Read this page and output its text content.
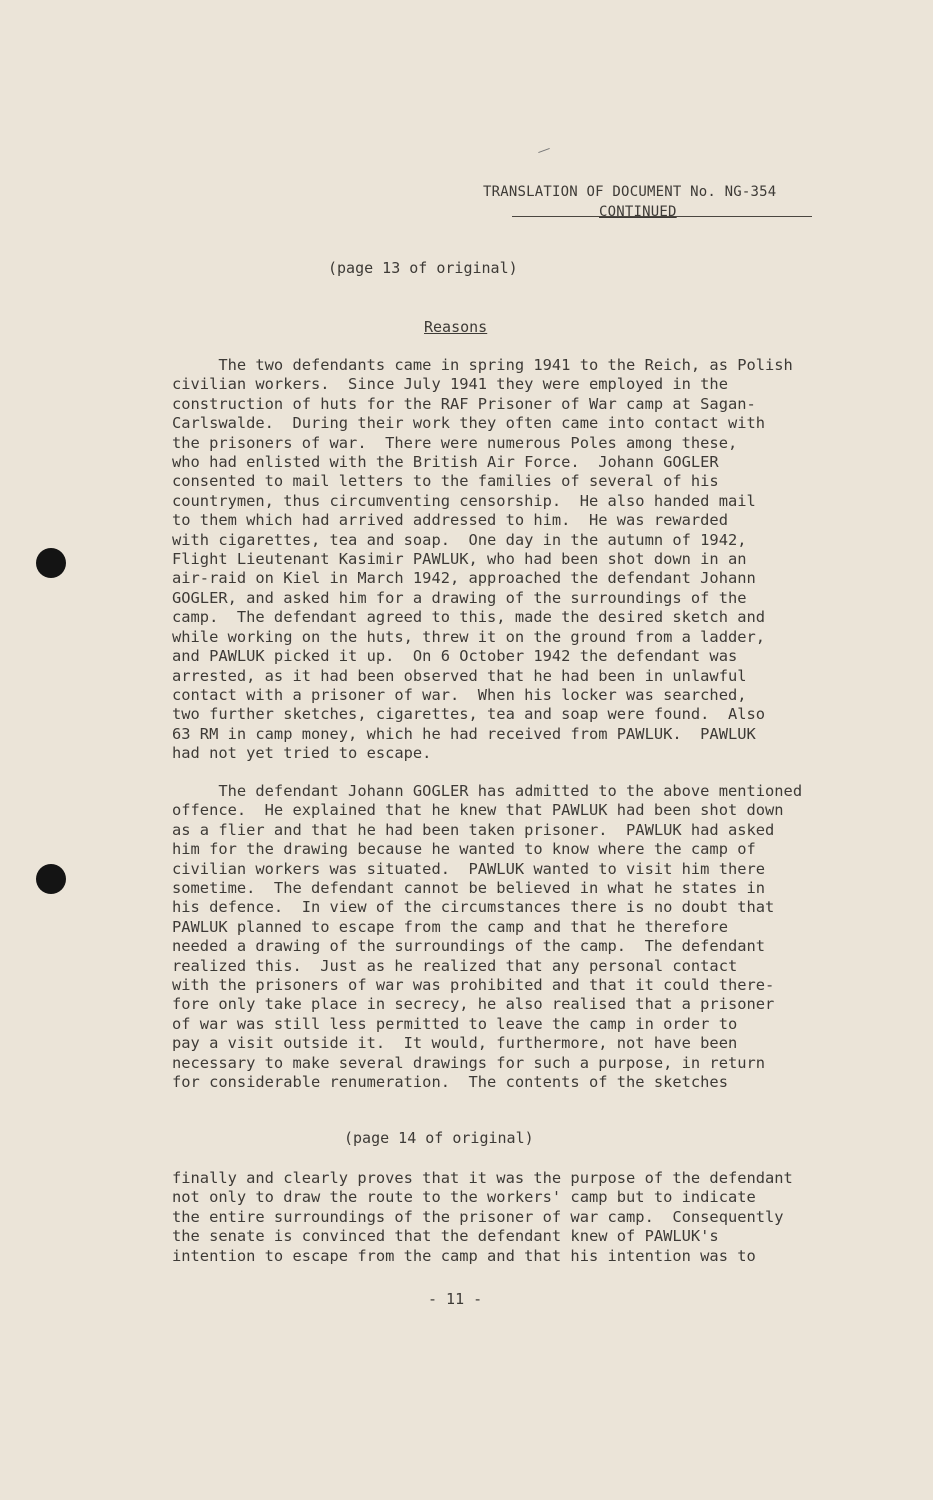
TRANSLATION OF DOCUMENT No. NG-354
CONTINUED
(page 13 of original)
Reasons
The two defendants came in spring 1941 to the Reich, as Polish
civilian workers.  Since July 1941 they were employed in the
construction of huts for the RAF Prisoner of War camp at Sagan-
Carlswalde.  During their work they often came into contact with
the prisoners of war.  There were numerous Poles among these,
who had enlisted with the British Air Force.  Johann GOGLER
consented to mail letters to the families of several of his
countrymen, thus circumventing censorship.  He also handed mail
to them which had arrived addressed to him.  He was rewarded
with cigarettes, tea and soap.  One day in the autumn of 1942,
Flight Lieutenant Kasimir PAWLUK, who had been shot down in an
air-raid on Kiel in March 1942, approached the defendant Johann
GOGLER, and asked him for a drawing of the surroundings of the
camp.  The defendant agreed to this, made the desired sketch and
while working on the huts, threw it on the ground from a ladder,
and PAWLUK picked it up.  On 6 October 1942 the defendant was
arrested, as it had been observed that he had been in unlawful
contact with a prisoner of war.  When his locker was searched,
two further sketches, cigarettes, tea and soap were found.  Also
63 RM in camp money, which he had received from PAWLUK.  PAWLUK
had not yet tried to escape.
The defendant Johann GOGLER has admitted to the above mentioned
offence.  He explained that he knew that PAWLUK had been shot down
as a flier and that he had been taken prisoner.  PAWLUK had asked
him for the drawing because he wanted to know where the camp of
civilian workers was situated.  PAWLUK wanted to visit him there
sometime.  The defendant cannot be believed in what he states in
his defence.  In view of the circumstances there is no doubt that
PAWLUK planned to escape from the camp and that he therefore
needed a drawing of the surroundings of the camp.  The defendant
realized this.  Just as he realized that any personal contact
with the prisoners of war was prohibited and that it could there-
fore only take place in secrecy, he also realised that a prisoner
of war was still less permitted to leave the camp in order to
pay a visit outside it.  It would, furthermore, not have been
necessary to make several drawings for such a purpose, in return
for considerable renumeration.  The contents of the sketches
(page 14 of original)
finally and clearly proves that it was the purpose of the defendant
not only to draw the route to the workers' camp but to indicate
the entire surroundings of the prisoner of war camp.  Consequently
the senate is convinced that the defendant knew of PAWLUK's
intention to escape from the camp and that his intention was to
- 11 -
